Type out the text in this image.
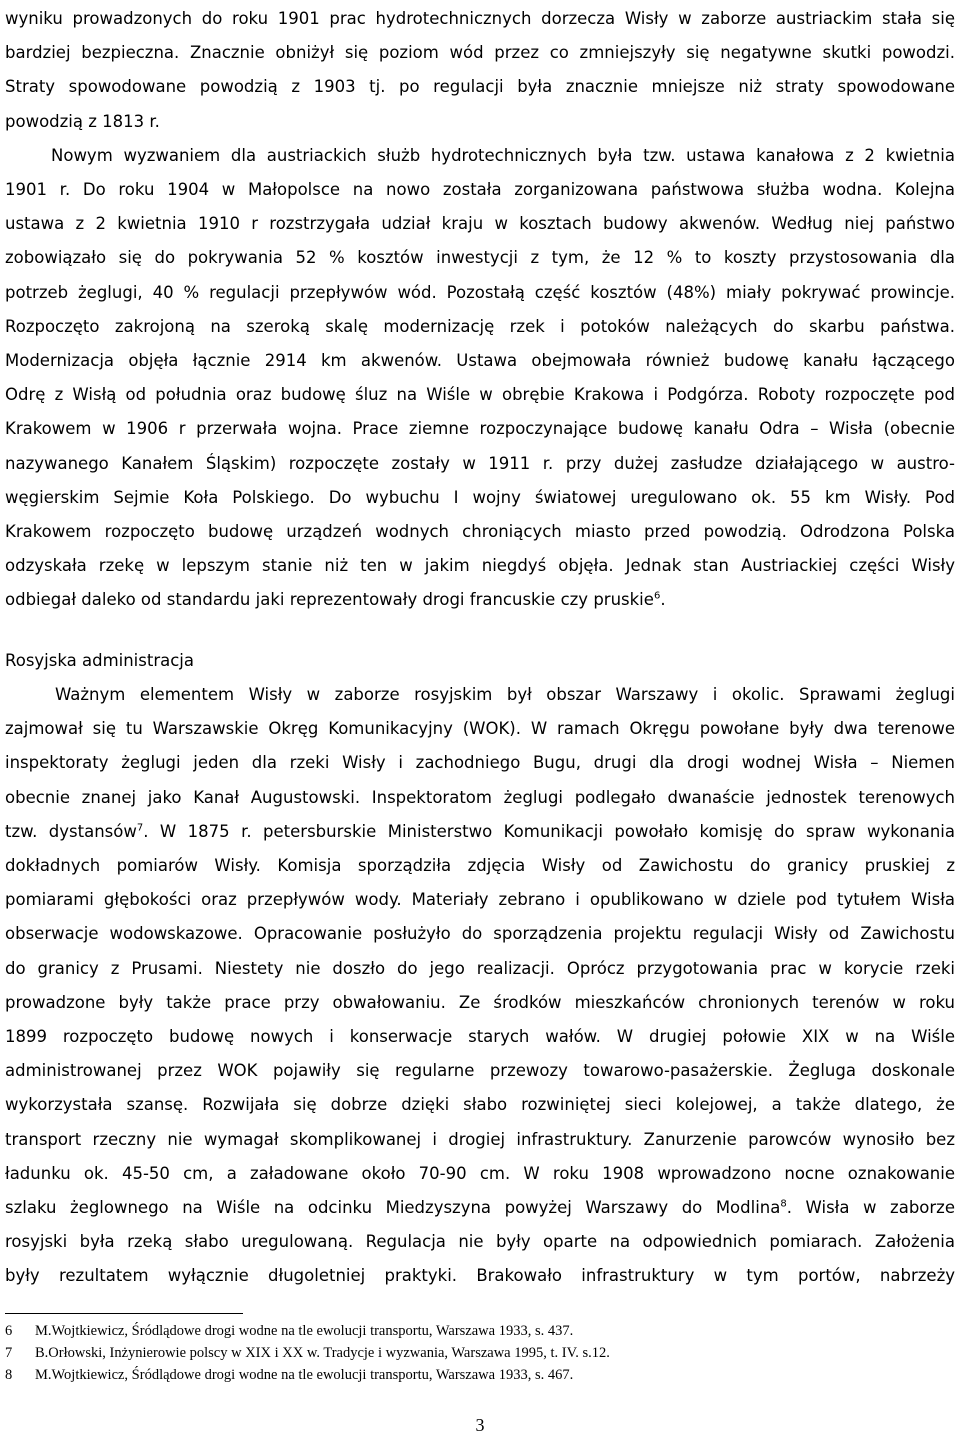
wyniku prowadzonych do roku 1901 prac hydrotechnicznych dorzecza Wisły w zaborze austriackim stała się
bardziej bezpieczna. Znacznie obniżył się poziom wód przez co zmniejszyły się negatywne skutki powodzi.
Straty spowodowane powodzią z 1903 tj. po regulacji była znacznie mniejsze niż straty spowodowane
powodzią z 1813 r.

Nowym wyzwaniem dla austriackich służb hydrotechnicznych była tzw. ustawa kanałowa z 2 kwietnia
1901 r. Do roku 1904 w Małopolsce na nowo została zorganizowana państwowa służba wodna. Kolejna
ustawa z 2 kwietnia 1910 r rozstrzygała udział kraju w kosztach budowy akwenów. Według niej państwo
zobowiązało się do pokrywania 52 % kosztów inwestycji z tym, że 12 % to koszty przystosowania dla
potrzeb żeglugi, 40 % regulacji przepływów wód. Pozostałą część kosztów (48%) miały pokrywać prowincje.
Rozpoczęto zakrojoną na szeroką skalę modernizację rzek i potoków należących do skarbu państwa.
Modernizacja objęła łącznie 2914 km akwenów. Ustawa obejmowała również budowę kanału łączącego
Odrę z Wisłą od południa oraz budowę śluz na Wiśle w obrębie Krakowa i Podgórza. Roboty rozpoczęte pod
Krakowem w 1906 r przerwała wojna. Prace ziemne rozpoczynające budowę kanału Odra – Wisła (obecnie
nazywanego Kanałem Śląskim) rozpoczęte zostały w 1911 r. przy dużej zasłudze działającego w austro-
węgierskim Sejmie Koła Polskiego. Do wybuchu I wojny światowej uregulowano ok. 55 km Wisły. Pod
Krakowem rozpoczęto budowę urządzeń wodnych chroniących miasto przed powodzią. Odrodzona Polska
odzyskała rzekę w lepszym stanie niż ten w jakim niegdyś objęła. Jednak stan Austriackiej części Wisły
odbiegał daleko od standardu jaki reprezentowały drogi francuskie czy pruskie$^6$.

Rosyjska administracja
Ważnym elementem Wisły w zaborze rosyjskim był obszar Warszawy i okolic. Sprawami żeglugi
zajmował się tu Warszawskie Okręg Komunikacyjny (WOK). W ramach Okręgu powołane były dwa terenowe
inspektoraty żeglugi jeden dla rzeki Wisły i zachodniego Bugu, drugi dla drogi wodnej Wisła – Niemen
obecnie znanej jako Kanał Augustowski. Inspektoratom żeglugi podlegało dwanaście jednostek terenowych
tzw. dystansów$^7$. W 1875 r. petersburskie Ministerstwo Komunikacji powołało komisję do spraw wykonania
dokładnych pomiarów Wisły. Komisja sporządziła zdjęcia Wisły od Zawichostu do granicy pruskiej z
pomiarami głębokości oraz przepływów wody. Materiały zebrano i opublikowano w dziele pod tytułem Wisła
obserwacje wodowskazowe. Opracowanie posłużyło do sporządzenia projektu regulacji Wisły od Zawichostu
do granicy z Prusami. Niestety nie doszło do jego realizacji. Oprócz przygotowania prac w korycie rzeki
prowadzone były także prace przy obwałowaniu. Ze środków mieszkańców chronionych terenów w roku
1899 rozpoczęto budowę nowych i konserwacje starych wałów. W drugiej połowie XIX w na Wiśle
administrowanej przez WOK pojawiły się regularne przewozy towarowo-pasażerskie. Żegluga doskonale
wykorzystała szansę. Rozwijała się dobrze dzięki słabo rozwiniętej sieci kolejowej, a także dlatego, że
transport rzeczny nie wymagał skomplikowanej i drogiej infrastruktury. Zanurzenie parowców wynosiło bez
ładunku ok. 45-50 cm, a załadowane około 70-90 cm. W roku 1908 wprowadzono nocne oznakowanie
szlaku żeglownego na Wiśle na odcinku Miedzyszyna powyżej Warszawy do Modlina$^8$. Wisła w zaborze
rosyjski była rzeką słabo uregulowaną. Regulacja nie były oparte na odpowiednich pomiarach. Założenia
były rezultatem wyłącznie długoletniej praktyki. Brakowało infrastruktury w tym portów, nabrzeży
6	M.Wojtkiewicz, Śródlądowe drogi wodne na tle ewolucji transportu, Warszawa 1933, s. 437.
7	B.Orłowski, Inżynierowie polscy w XIX i XX w. Tradycje i wyzwania, Warszawa 1995, t. IV. s.12.
8	M.Wojtkiewicz, Śródlądowe drogi wodne na tle ewolucji transportu, Warszawa 1933, s. 467.
3
